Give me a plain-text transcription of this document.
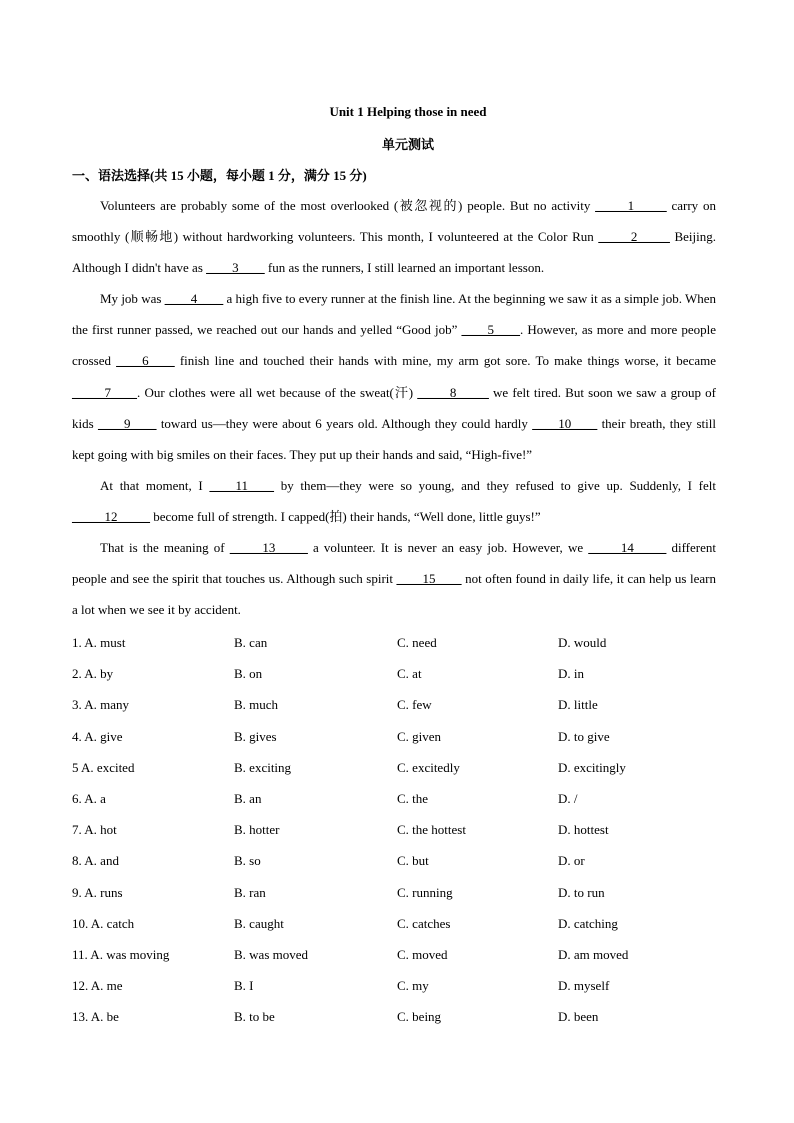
Unit 1 Helping those in need
单元测试
一、语法选择(共 15 小题，每小题 1 分，满分 15 分)

Volunteers are probably some of the most overlooked (被忽视的) people. But no activity _____1_____ carry on smoothly (顺畅地) without hardworking volunteers. This month, I volunteered at the Color Run _____2_____ Beijing. Although I didn't have as ____3____ fun as the runners, I still learned an important lesson.

My job was ____4____ a high five to every runner at the finish line. At the beginning we saw it as a simple job. When the first runner passed, we reached out our hands and yelled “Good job” ____5____. However, as more and more people crossed ____6____ finish line and touched their hands with mine, my arm got sore. To make things worse, it became _____7____. Our clothes were all wet because of the sweat(汗) _____8_____ we felt tired. But soon we saw a group of kids ____9____ toward us—they were about 6 years old. Although they could hardly ____10____ their breath, they still kept going with big smiles on their faces. They put up their hands and said, “High-five!”

At that moment, I ____11____ by them—they were so young, and they refused to give up. Suddenly, I felt _____12_____ become full of strength. I capped(拍) their hands, “Well done, little guys!”

That is the meaning of _____13_____ a volunteer. It is never an easy job. However, we _____14_____ different people and see the spirit that touches us. Although such spirit ____15____ not often found in daily life, it can help us learn a lot when we see it by accident.

1. A. must	B. can	C. need	D. would
2. A. by	B. on	C. at	D. in
3. A. many	B. much	C. few	D. little
4. A. give	B. gives	C. given	D. to give
5 A. excited	B. exciting	C. excitedly	D. excitingly
6. A. a	B. an	C. the	D. /
7. A. hot	B. hotter	C. the hottest	D. hottest
8. A. and	B. so	C. but	D. or
9. A. runs	B. ran	C. running	D. to run
10. A. catch	B. caught	C. catches	D. catching
11. A. was moving	B. was moved	C. moved	D. am moved
12. A. me	B. I	C. my	D. myself
13. A. be	B. to be	C. being	D. been
